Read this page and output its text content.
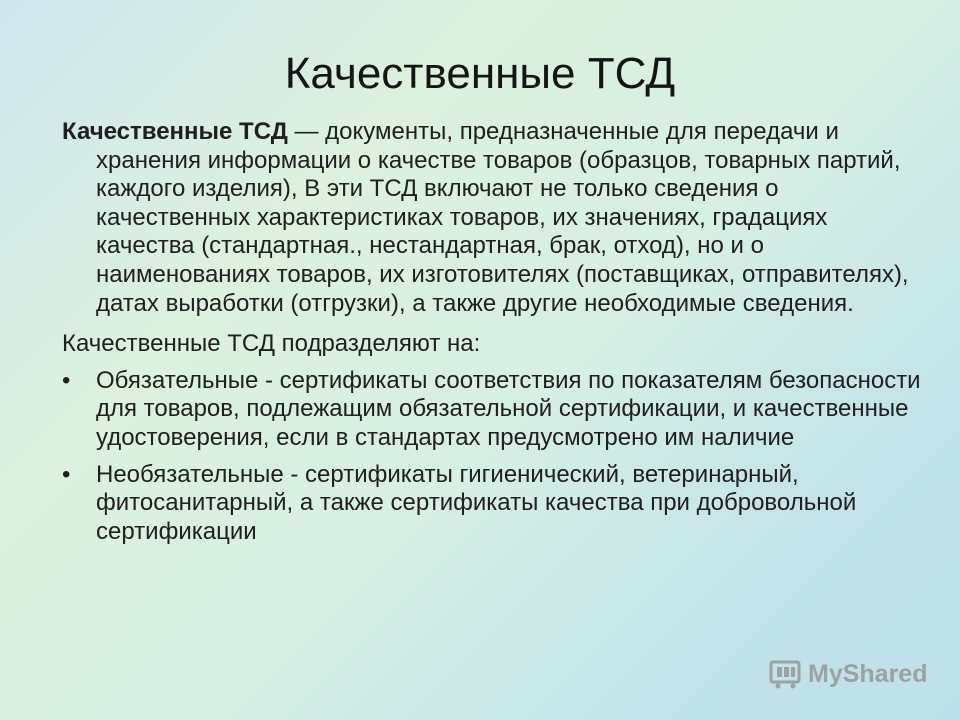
Качественные ТСД

Качественные ТСД — документы, предназначенные для передачи и хранения информации о качестве товаров (образцов, товарных партий, каждого изделия), В эти ТСД включают не только сведения о качественных характеристиках товаров, их значениях, градациях качества (стандартная., нестандартная, брак, отход), но и о наименованиях товаров, их изготовителях (поставщиках, отправителях), датах выработки (отгрузки), а также другие необходимые сведения.

Качественные ТСД подразделяют на:

• Обязательные - сертификаты соответствия по показателям безопасности для товаров, подлежащим обязательной сертификации, и качественные удостоверения, если в стандартах предусмотрено им наличие
• Необязательные - сертификаты гигиенический, ветеринарный, фитосанитарный, а также сертификаты качества при добровольной сертификации
MyShared
